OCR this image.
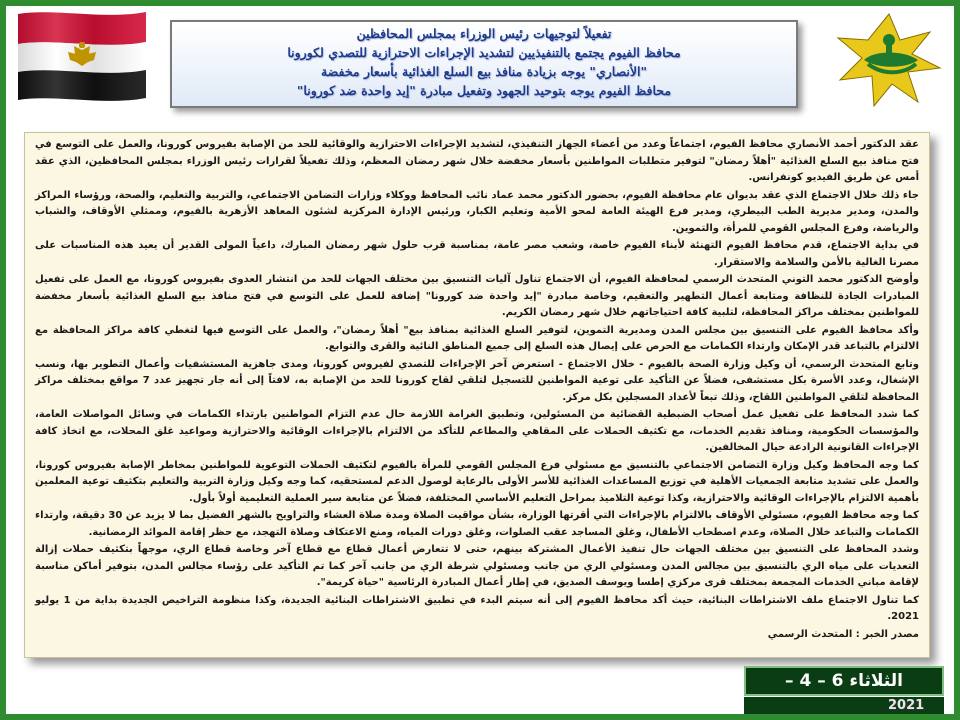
تفعيلاً لتوجيهات رئيس الوزراء بمجلس المحافظين
محافظ الفيوم يجتمع بالتنفيذيين لتشديد الإجراءات الاحترازية للتصدي لكورونا
"الأنصاري" يوجه بزيادة منافذ بيع السلع الغذائية بأسعار مخفضة
محافظ الفيوم يوجه بتوحيد الجهود وتفعيل مبادرة "إيد واحدة ضد كورونا"

عقد الدكتور أحمد الأنصاري محافظ الفيوم، اجتماعاً وعدد من أعضاء الجهاز التنفيذي، لتشديد الإجراءات الاحترازية والوقائية للحد من الإصابة بفيروس كورونا، والعمل على التوسع في فتح منافذ بيع السلع الغذائية "أهلاً رمضان" لتوفير متطلبات المواطنين بأسعار مخفضة خلال شهر رمضان المعظم، وذلك تفعيلاً لقرارات رئيس الوزراء بمجلس المحافظين، الذي عقد أمس عن طريق الفيديو كونفرانس.

جاء ذلك خلال الاجتماع الذي عقد بديوان عام محافظة الفيوم، بحضور الدكتور محمد عماد نائب المحافظ ووكلاء وزارات التضامن الاجتماعي، والتربية والتعليم، والصحة، ورؤساء المراكز والمدن، ومدير مديرية الطب البيطري، ومدير فرع الهيئة العامة لمحو الأمية وتعليم الكبار، ورئيس الإدارة المركزية لشئون المعاهد الأزهرية بالفيوم، وممثلي الأوقاف، والشباب والرياضة، وفرع المجلس القومي للمرأة، والتموين.

في بداية الاجتماع، قدم محافظ الفيوم التهنئة لأبناء الفيوم خاصة، وشعب مصر عامة، بمناسبة قرب حلول شهر رمضان المبارك، داعياً المولى القدير أن يعيد هذه المناسبات على مصرنا الغالية بالأمن والسلامة والاستقرار.

وأوضح الدكتور محمد التوني المتحدث الرسمي لمحافظة الفيوم، أن الاجتماع تناول آليات التنسيق بين مختلف الجهات للحد من انتشار العدوى بفيروس كورونا، مع العمل على تفعيل المبادرات الجادة للنظافة ومتابعة أعمال التطهير والتعقيم، وخاصة مبادرة "إيد واحدة ضد كورونا" إضافة للعمل على التوسع في فتح منافذ بيع السلع الغذائية بأسعار مخفضة للمواطنين بمختلف مراكز المحافظة، لتلبية كافة احتياجاتهم خلال شهر رمضان الكريم.

وأكد محافظ الفيوم على التنسيق بين مجلس المدن ومديرية التموين، لتوفير السلع الغذائية بمنافذ بيع" أهلاً رمضان"، والعمل على التوسع فيها لتغطي كافة مراكز المحافظة مع الالتزام بالتباعد قدر الإمكان وارتداء الكمامات مع الحرص على إيصال هذه السلع إلى جميع المناطق النائية والقرى والتوابع.

وتابع المتحدث الرسمي، أن وكيل وزارة الصحة بالفيوم - خلال الاجتماع - استعرض آخر الإجراءات للتصدي لفيروس كورونا، ومدى جاهزية المستشفيات وأعمال التطوير بها، ونسب الإشغال، وعدد الأسرة بكل مستشفى، فضلاً عن التأكيد على توعية المواطنين للتسجيل لتلقي لقاح كورونا للحد من الإصابة به، لافتاً إلى أنه جار تجهيز عدد 7 مواقع بمختلف مراكز المحافظة لتلقي المواطنين اللقاح، وذلك تبعاً لأعداد المسجلين بكل مركز.

كما شدد المحافظ على تفعيل عمل أصحاب الضبطية القضائية من المسئولين، وتطبيق الغرامة اللازمة حال عدم التزام المواطنين بارتداء الكمامات في وسائل المواصلات العامة، والمؤسسات الحكومية، ومنافذ تقديم الخدمات، مع تكثيف الحملات على المقاهي والمطاعم للتأكد من الالتزام بالإجراءات الوقائية والاحترازية ومواعيد غلق المحلات، مع اتخاذ كافة الإجراءات القانونية الرادعة حيال المخالفين.

كما وجه المحافظ وكيل وزارة التضامن الاجتماعي بالتنسيق مع مسئولي فرع المجلس القومي للمرأة بالفيوم لتكثيف الحملات التوعوية للمواطنين بمخاطر الإصابة بفيروس كورونا، والعمل على تشديد متابعة الجمعيات الأهلية في توزيع المساعدات الغذائية للأسر الأولى بالرعاية لوصول الدعم لمستحقيه، كما وجه وكيل وزارة التربية والتعليم بتكثيف توعية المعلمين بأهمية الالتزام بالإجراءات الوقائية والاحترازية، وكذا توعية التلاميذ بمراحل التعليم الأساسي المختلفة، فضلاً عن متابعة سير العملية التعليمية أولاً بأول.

كما وجه محافظ الفيوم، مسئولي الأوقاف بالالتزام بالإجراءات التي أقرتها الوزارة، بشأن مواقيت الصلاة ومدة صلاة العشاء والتراويح بالشهر الفضيل بما لا يزيد عن 30 دقيقة، وارتداء الكمامات والتباعد خلال الصلاة، وعدم اصطحاب الأطفال، وغلق المساجد عقب الصلوات، وغلق دورات المياه، ومنع الاعتكاف وصلاة التهجد، مع حظر إقامة الموائد الرمضانية.

وشدد المحافظ على التنسيق بين مختلف الجهات حال تنفيذ الأعمال المشتركة بينهم، حتى لا تتعارض أعمال قطاع مع قطاع آخر وخاصة قطاع الري، موجهاً بتكثيف حملات إزالة التعديات على مياه الري بالتنسيق بين مجالس المدن ومسئولي الري من جانب ومسئولي شرطة الري من جانب آخر كما تم التأكيد على رؤساء مجالس المدن، بتوفير أماكن مناسبة لإقامة مباني الخدمات المجمعة بمختلف قرى مركزي إطسا ويوسف الصديق، في إطار أعمال المبادرة الرئاسية "حياة كريمة".

كما تناول الاجتماع ملف الاشتراطات البنائية، حيث أكد محافظ الفيوم إلى أنه سيتم البدء في تطبيق الاشتراطات البنائية الجديدة، وكذا منظومة التراخيص الجديدة بداية من 1 يوليو 2021.

مصدر الخبر : المتحدث الرسمي

الثلاثاء 6 – 4 –
2021
